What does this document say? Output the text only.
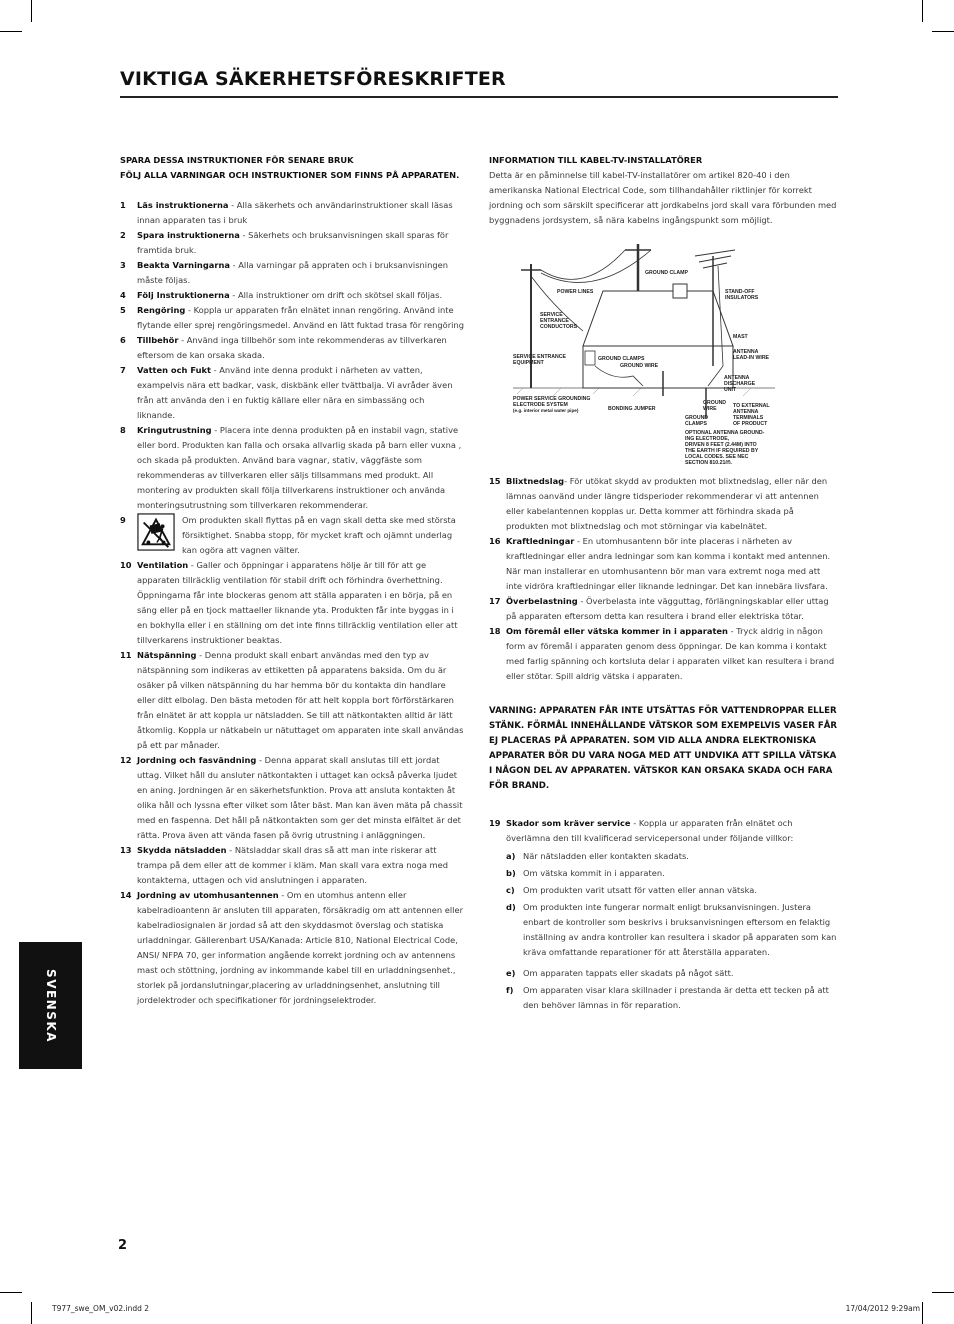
VIKTIGA SÄKERHETSFÖRESKRIFTER
SPARA DESSA INSTRUKTIONER FÖR SENARE BRUK
FÖLJ ALLA VARNINGAR OCH INSTRUKTIONER SOM FINNS PÅ APPARATEN.
1 Läs instruktionerna - Alla säkerhets och användarinstruktioner skall läsas innan apparaten tas i bruk
2 Spara instruktionerna - Säkerhets och bruksanvisningen skall sparas för framtida bruk.
3 Beakta Varningarna - Alla varningar på appraten och i bruksanvisningen måste följas.
4 Följ Instruktionerna - Alla instruktioner om drift och skötsel skall följas.
5 Rengöring - Koppla ur apparaten från elnätet innan rengöring. Använd inte flytande eller sprej rengöringsmedel. Använd en lätt fuktad trasa för rengöring
6 Tillbehör - Använd inga tillbehör som inte rekommenderas av tillverkaren eftersom de kan orsaka skada.
7 Vatten och Fukt - Använd inte denna produkt i närheten av vatten, exampelvis nära ett badkar, vask, diskbänk eller tvättbalja. Vi avråder även från att använda den i en fuktig källare eller nära en simbassäng och liknande.
8 Kringutrustning - Placera inte denna produkten på en instabil vagn, stative eller bord. Produkten kan falla och orsaka allvarlig skada på barn eller vuxna , och skada på produkten. Använd bara vagnar, stativ, väggfäste som rekommenderas av tillverkaren eller säljs tillsammans med produkt. All montering av produkten skall följa tillverkarens instruktioner och använda monteringsutrustning som tillverkaren rekommenderar.
9	Om produkten skall flyttas på en vagn skall detta ske med största försiktighet. Snabba stopp, för mycket kraft och ojämnt underlag kan ogöra att vagnen välter.
10 Ventilation - Galler och öppningar i apparatens hölje är till för att ge apparaten tillräcklig ventilation för stabil drift och förhindra överhettning. Öppningarna får inte blockeras genom att ställa apparaten i en börja, på en säng eller på en tjock mattaeller liknande yta. Produkten får inte byggas in i en bokhylla eller i en ställning om det inte finns tillräcklig ventilation eller att tillverkarens instruktioner beaktas.
11 Nätspänning - Denna produkt skall enbart användas med den typ av nätspänning som indikeras av ettiketten på apparatens baksida. Om du är osäker på vilken nätspänning du har hemma bör du kontakta din handlare eller ditt elbolag. Den bästa metoden för att helt koppla bort förförstärkaren från elnätet är att koppla ur nätsladden. Se till att nätkontakten alltid är lätt åtkomlig. Koppla ur nätkabeln ur nätuttaget om apparaten inte skall användas på ett par månader.
12 Jordning och fasvändning - Denna apparat skall anslutas till ett jordat uttag. Vilket håll du ansluter nätkontakten i uttaget kan också påverka ljudet en aning. Jordningen är en säkerhetsfunktion. Prova att ansluta kontakten åt olika håll och lyssna efter vilket som låter bäst. Man kan även mäta på chassit med en faspenna. Det håll på nätkontakten som ger det minsta elfältet är det rätta. Prova även att vända fasen på övrig utrustning i anläggningen.
13 Skydda nätsladden - Nätsladdar skall dras så att man inte riskerar att trampa på dem eller att de kommer i kläm. Man skall vara extra noga med kontakterna, uttagen och vid anslutningen i apparaten.
14 Jordning av utomhusantennen - Om en utomhus antenn eller kabelradioantenn är ansluten till apparaten, försäkradig om att antennen eller kabelradiosignalen är jordad så att den skyddasmot överslag och statiska urladdningar. Gällerenbart USA/Kanada: Article 810, National Electrical Code, ANSI/ NFPA 70, ger information angående korrekt jordning och av antennens mast och stöttning, jordning av inkommande kabel till en urladdningsenhet., storlek på jordanslutningar,placering av urladdningsenhet, anslutning till jordelektroder och specifikationer för jordningselektroder.
INFORMATION TILL KABEL-TV-INSTALLATÖRER

Detta är en påminnelse till kabel-TV-installatörer om artikel 820-40 i den amerikanska National Electrical Code, som tillhandahåller riktlinjer för korrekt jordning och som särskilt specificerar att jordkabelns jord skall vara förbunden med byggnadens jordsystem, så nära kabelns ingångspunkt som möjligt.

GROUND CLAMP
POWER LINES	STAND-OFF
INSULATORS
SERVICE
ENTRANCE
CONDUCTORS
MAST
ANTENNA
LEAD-IN WIRE
SERVICE ENTRANCE
EQUIPMENT
GROUND CLAMPS
GROUND WIRE
ANTENNA
DISCHARGE
UNIT
POWER SERVICE GROUNDING
ELECTRODE SYSTEM
(e.g. interior metal water pipe)	BONDING JUMPER
GROUND
WIRE	TO EXTERNAL
ANTENNA
TERMINALS
OF PRODUCT
GROUND
CLAMPS
OPTIONAL ANTENNA GROUND-
ING ELECTRODE,
DRIVEN 8 FEET (2.44M) INTO
THE EARTH IF REQUIRED BY
LOCAL CODES. SEE NEC
SECTION 810.21(f).
15 Blixtnedslag- För utökat skydd av produkten mot blixtnedslag, eller när den lämnas oanvänd under längre tidsperioder rekommenderar vi att antennen eller kabelantennen kopplas ur. Detta kommer att förhindra skada på produkten mot blixtnedslag och mot störningar via kabelnätet.
16 Kraftledningar - En utomhusantenn bör inte placeras i närheten av kraftledningar eller andra ledningar som kan komma i kontakt med antennen. När man installerar en utomhusantenn bör man vara extremt noga med att inte vidröra kraftledningar eller liknande ledningar. Det kan innebära livsfara.
17 Överbelastning - Överbelasta inte vägguttag, förlängningskablar eller uttag på apparaten eftersom detta kan resultera i brand eller elektriska tötar.
18 Om föremål eller vätska kommer in i apparaten - Tryck aldrig in någon form av föremål i apparaten genom dess öppningar. De kan komma i kontakt med farlig spänning och kortsluta delar i apparaten vilket kan resultera i brand eller stötar. Spill aldrig vätska i apparaten.

VARNING: APPARATEN FÅR INTE UTSÄTTAS FÖR VATTENDROPPAR ELLER STÄNK. FÖRMÅL INNEHÅLLANDE VÄTSKOR SOM EXEMPELVIS VASER FÅR EJ PLACERAS PÅ APPARATEN. SOM VID ALLA ANDRA ELEKTRONISKA APPARATER BÖR DU VARA NOGA MED ATT UNDVIKA ATT SPILLA VÄTSKA I NÅGON DEL AV APPARATEN. VÄTSKOR KAN ORSAKA SKADA OCH FARA FÖR BRAND.

19 Skador som kräver service - Koppla ur apparaten från elnätet och överlämna den till kvalificerad servicepersonal under följande villkor:
a) När nätsladden eller kontakten skadats.
b) Om vätska kommit in i apparaten.
c) Om produkten varit utsatt för vatten eller annan vätska.
d) Om produkten inte fungerar normalt enligt bruksanvisningen. Justera enbart de kontroller som beskrivs i bruksanvisningen eftersom en felaktig inställning av andra kontroller kan resultera i skador på apparaten som kan kräva omfattande reparationer för att återställa apparaten.
e) Om apparaten tappats eller skadats på något sätt.
f) Om apparaten visar klara skillnader i prestanda är detta ett tecken på att den behöver lämnas in för reparation.
SVENSKA
2
T977_swe_OM_v02.indd 2	17/04/2012 9:29am
